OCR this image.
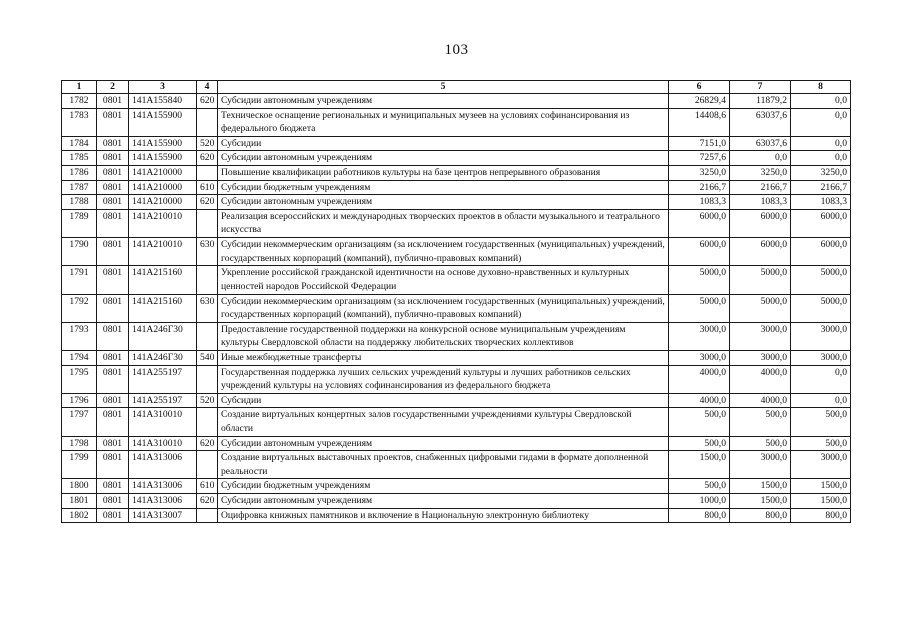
103
1	2	3	4	5	6	7	8
1782	0801	141A155840	620	Субсидии автономным учреждениям	26829,4	11879,2	0,0
1783	0801	141A155900		Техническое оснащение региональных и муниципальных музеев на условиях софинансирования из федерального бюджета	14408,6	63037,6	0,0
1784	0801	141A155900	520	Субсидии	7151,0	63037,6	0,0
1785	0801	141A155900	620	Субсидии автономным учреждениям	7257,6	0,0	0,0
1786	0801	141A210000		Повышение квалификации работников культуры на базе центров непрерывного образования	3250,0	3250,0	3250,0
1787	0801	141A210000	610	Субсидии бюджетным учреждениям	2166,7	2166,7	2166,7
1788	0801	141A210000	620	Субсидии автономным учреждениям	1083,3	1083,3	1083,3
1789	0801	141A210010		Реализация всероссийских и международных творческих проектов в области музыкального и театрального искусства	6000,0	6000,0	6000,0
1790	0801	141A210010	630	Субсидии некоммерческим организациям (за исключением государственных (муниципальных) учреждений, государственных корпораций (компаний), публично-правовых компаний)	6000,0	6000,0	6000,0
1791	0801	141A215160		Укрепление российской гражданской идентичности на основе духовно-нравственных и культурных ценностей народов Российской Федерации	5000,0	5000,0	5000,0
1792	0801	141A215160	630	Субсидии некоммерческим организациям (за исключением государственных (муниципальных) учреждений, государственных корпораций (компаний), публично-правовых компаний)	5000,0	5000,0	5000,0
1793	0801	141A246Г30		Предоставление государственной поддержки на конкурсной основе муниципальным учреждениям культуры Свердловской области на поддержку любительских творческих коллективов	3000,0	3000,0	3000,0
1794	0801	141A246Г30	540	Иные межбюджетные трансферты	3000,0	3000,0	3000,0
1795	0801	141A255197		Государственная поддержка лучших сельских учреждений культуры и лучших работников сельских учреждений культуры на условиях софинансирования из федерального бюджета	4000,0	4000,0	0,0
1796	0801	141A255197	520	Субсидии	4000,0	4000,0	0,0
1797	0801	141A310010		Создание виртуальных концертных залов государственными учреждениями культуры Свердловской области	500,0	500,0	500,0
1798	0801	141A310010	620	Субсидии автономным учреждениям	500,0	500,0	500,0
1799	0801	141A313006		Создание виртуальных выставочных проектов, снабженных цифровыми гидами в формате дополненной реальности	1500,0	3000,0	3000,0
1800	0801	141A313006	610	Субсидии бюджетным учреждениям	500,0	1500,0	1500,0
1801	0801	141A313006	620	Субсидии автономным учреждениям	1000,0	1500,0	1500,0
1802	0801	141A313007		Оцифровка книжных памятников и включение в Национальную электронную библиотеку	800,0	800,0	800,0
